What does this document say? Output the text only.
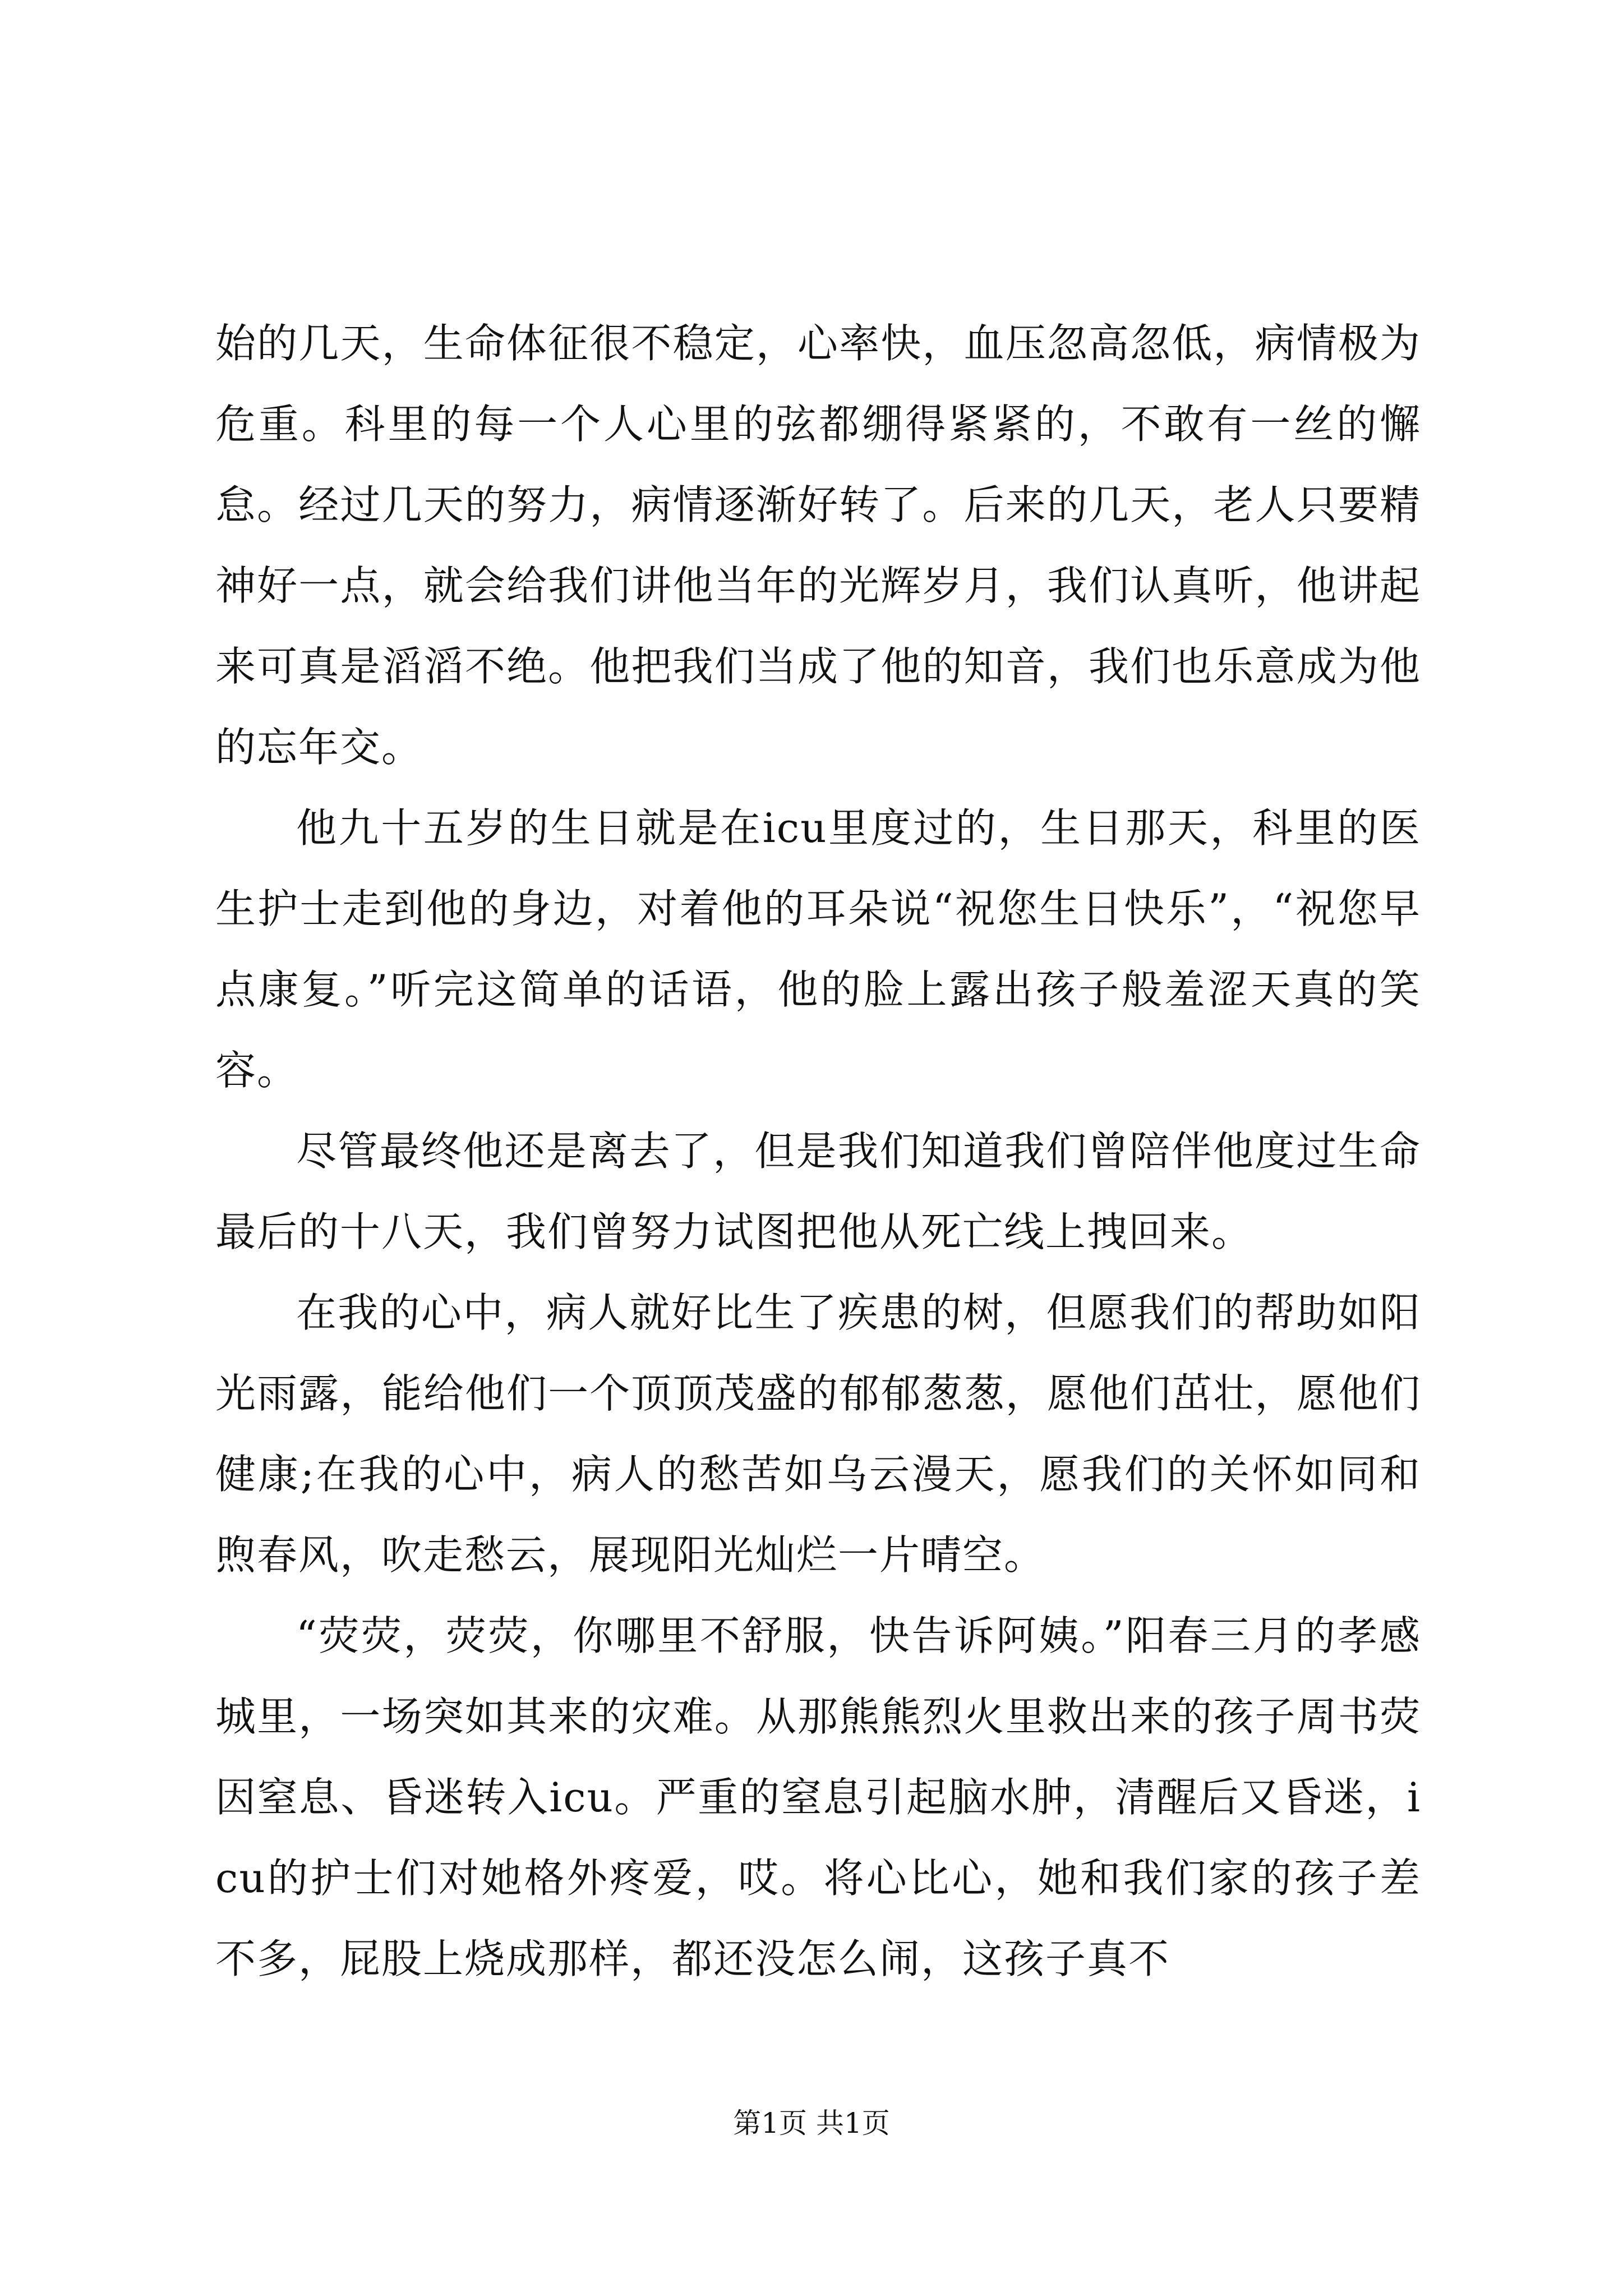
始的几天，生命体征很不稳定，心率快，血压忽高忽低，病情极为危重。科里的每一个人心里的弦都绷得紧紧的，不敢有一丝的懈怠。经过几天的努力，病情逐渐好转了。后来的几天，老人只要精神好一点，就会给我们讲他当年的光辉岁月，我们认真听，他讲起来可真是滔滔不绝。他把我们当成了他的知音，我们也乐意成为他的忘年交。

他九十五岁的生日就是在icu里度过的，生日那天，科里的医生护士走到他的身边，对着他的耳朵说“祝您生日快乐”，“祝您早点康复。”听完这简单的话语，他的脸上露出孩子般羞涩天真的笑容。

尽管最终他还是离去了，但是我们知道我们曾陪伴他度过生命最后的十八天，我们曾努力试图把他从死亡线上拽回来。

在我的心中，病人就好比生了疾患的树，但愿我们的帮助如阳光雨露，能给他们一个顶顶茂盛的郁郁葱葱，愿他们茁壮，愿他们健康;在我的心中，病人的愁苦如乌云漫天，愿我们的关怀如同和煦春风，吹走愁云，展现阳光灿烂一片晴空。

“荧荧，荧荧，你哪里不舒服，快告诉阿姨。”阳春三月的孝感城里，一场突如其来的灾难。从那熊熊烈火里救出来的孩子周书荧因窒息、昏迷转入icu。严重的窒息引起脑水肿，清醒后又昏迷，icu的护士们对她格外疼爱，哎。将心比心，她和我们家的孩子差不多，屁股上烧成那样，都还没怎么闹，这孩子真不

第1页 共1页
